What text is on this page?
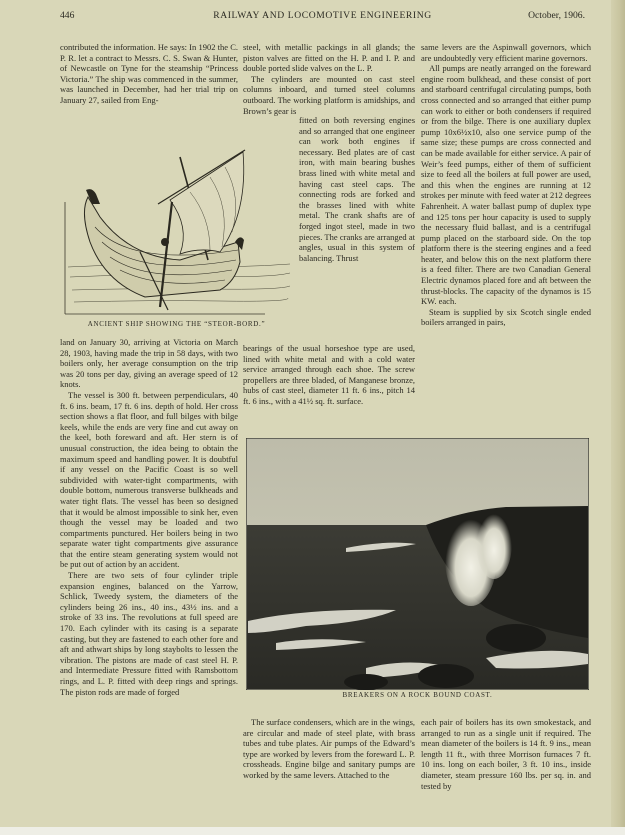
446	RAILWAY AND LOCOMOTIVE ENGINEERING	October, 1906.

contributed the information. He says: In 1902 the C. P. R. let a contract to Messrs. C. S. Swan & Hunter, of Newcastle on Tyne for the steamship “Princess Victoria.” The ship was commenced in the summer, was launched in December, had her trial trip on January 27, sailed from Eng-

steel, with metallic packings in all glands; the piston valves are fitted on the H. P. and I. P. and double ported slide valves on the L. P.

The cylinders are mounted on cast steel columns inboard, and turned steel columns outboard. The working platform is amidships, and Brown’s gear is

fitted on both reversing engines and so arranged that one engineer can work both engines if necessary. Bed plates are of cast iron, with main bearing bushes brass lined with white metal and having cast steel caps. The connecting rods are forked and the brasses lined with white metal. The crank shafts are of forged ingot steel, made in two pieces. The cranks are arranged at angles, usual in this system of balancing. Thrust

same levers are the Aspinwall governors, which are undoubtedly very efficient marine governors.

All pumps are neatly arranged on the foreward engine room bulkhead, and these consist of port and starboard centrifugal circulating pumps, both cross connected and so arranged that either pump can work to either or both condensers if required or from the bilge. There is one auxiliary duplex pump 10x6½x10, also one service pump of the same size; these pumps are cross connected and can be made available for either service. A pair of Weir’s feed pumps, either of them of sufficient size to feed all the boilers at full power are used, and this when the engines are running at 12 strokes per minute with feed water at 212 degrees Fahrenheit. A water ballast pump of duplex type and 125 tons per hour capacity is used to supply the necessary fluid ballast, and is a centrifugal pump placed on the starboard side. On the top platform there is the steering engines and a feed heater, and below this on the next platform there is a feed filter. There are two Canadian General Electric dynamos placed fore and aft between the thrust-blocks. The capacity of the dynamos is 15 KW. each.

Steam is supplied by six Scotch single ended boilers arranged in pairs,

ANCIENT SHIP SHOWING THE “STEOR-BORD.”

land on January 30, arriving at Victoria on March 28, 1903, having made the trip in 58 days, with two boilers only, her average consumption on the trip was 20 tons per day, giving an average speed of 12 knots.

The vessel is 300 ft. between perpendiculars, 40 ft. 6 ins. beam, 17 ft. 6 ins. depth of hold. Her cross section shows a flat floor, and full bilges with bilge keels, while the ends are very fine and cut away on the keel, both foreward and aft. Her stern is of unusual construction, the idea being to obtain the maximum speed and handling power. It is doubtful if any vessel on the Pacific Coast is so well subdivided with water-tight compartments, with double bottom, numerous transverse bulkheads and water tight flats. The vessel has been so designed that it would be almost impossible to sink her, even though the vessel may be loaded and two compartments punctured. Her boilers being in two separate water tight compartments give assurance that the entire steam generating system would not be put out of action by an accident.

There are two sets of four cylinder triple expansion engines, balanced on the Yarrow, Schlick, Tweedy system, the diameters of the cylinders being 26 ins., 40 ins., 43½ ins. and a stroke of 33 ins. The revolutions at full speed are 170. Each cylinder with its casing is a separate casting, but they are fastened to each other fore and aft and athwart ships by long staybolts to lessen the vibration. The pistons are made of cast steel H. P. and Intermediate Pressure fitted with Ramsbottom rings, and L. P. fitted with deep rings and springs. The piston rods are made of forged

bearings of the usual horseshoe type are used, lined with white metal and with a cold water service arranged through each shoe. The screw propellers are three bladed, of Manganese bronze, hubs of cast steel, diameter 11 ft. 6 ins., pitch 14 ft. 6 ins., with a 41½ sq. ft. surface.

BREAKERS ON A ROCK BOUND COAST.

The surface condensers, which are in the wings, are circular and made of steel plate, with brass tubes and tube plates. Air pumps of the Edward’s type are worked by levers from the foreward L. P. crossheads. Engine bilge and sanitary pumps are worked by the same levers. Attached to the

each pair of boilers has its own smokestack, and arranged to run as a single unit if required. The mean diameter of the boilers is 14 ft. 9 ins., mean length 11 ft., with three Morrison furnaces 7 ft. 10 ins. long on each boiler, 3 ft. 10 ins., inside diameter, steam pressure 160 lbs. per sq. in. and tested by
